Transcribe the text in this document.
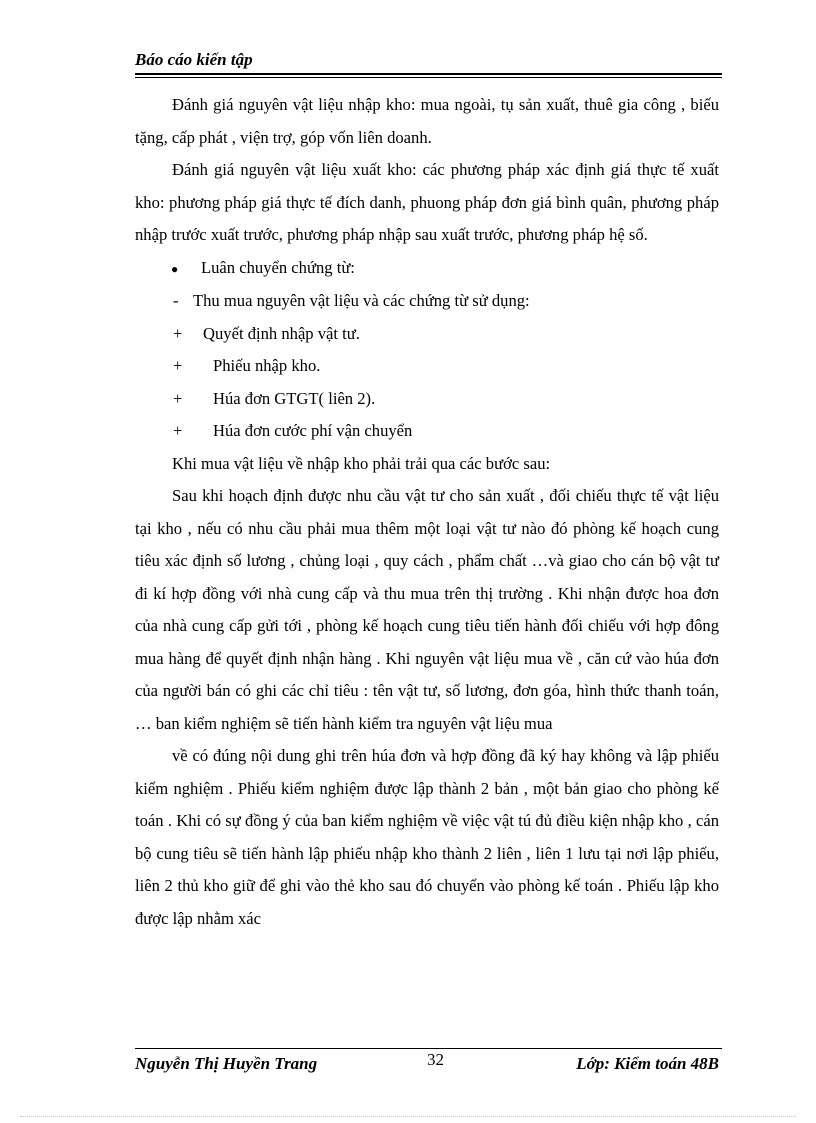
Báo cáo kiến tập

Đánh giá nguyên vật liệu nhập kho: mua ngoài, tụ sản xuất, thuê gia công , biếu tặng, cấp phát , viện trợ, góp vốn liên doanh.

Đánh giá nguyên vật liệu xuất kho: các phương pháp xác định giá thực tế xuất kho: phương pháp giá thực tế đích danh, phuong pháp đơn giá bình quân, phương pháp nhập trước xuất trước, phương pháp nhập sau xuất trước, phương pháp hệ số.

●	Luân chuyển chứng từ:
- Thu mua nguyên vật liệu và các chứng từ sử dụng:
+	Quyết định nhập vật tư.
+	Phiếu nhập kho.
+	Húa đơn GTGT( liên 2).
+	Húa đơn cước phí vận chuyển

Khi mua vật liệu về nhập kho phải trải qua các bước sau:

Sau khi hoạch định được nhu cầu vật tư cho sản xuất , đối chiếu thực tế vật liệu tại kho , nếu có nhu cầu phải mua thêm một loại vật tư nào đó phòng kế hoạch cung tiêu xác định số lương , chủng loại , quy cách , phẩm chất …và giao cho cán bộ vật tư đi kí hợp đồng với nhà cung cấp và thu mua trên thị trường . Khi nhận được hoa đơn của nhà cung cấp gửi tới , phòng kế hoạch cung tiêu tiến hành đối chiếu với hợp đông mua hàng để quyết định nhận hàng . Khi nguyên vật liệu mua về , căn cứ vào húa đơn của người bán có ghi các chỉ tiêu : tên vật tư, số lương, đơn góa, hình thức thanh toán, … ban kiểm nghiệm sẽ tiến hành kiểm tra nguyên vật liệu mua

về có đúng nội dung ghi trên húa đơn và hợp đồng đã ký hay không và lập phiếu kiểm nghiệm . Phiếu kiểm nghiệm được lập thành 2 bản , một bản giao cho phòng kế toán . Khi có sự đồng ý của ban kiểm nghiệm về việc vật tú đủ điều kiện nhập kho , cán bộ cung tiêu sẽ tiến hành lập phiếu nhập kho thành 2 liên , liên 1 lưu tại nơi lập phiếu, liên 2 thủ kho giữ để ghi vào thẻ kho sau đó chuyển vào phòng kế toán . Phiếu lập kho được lập nhằm xác

Nguyễn Thị Huyền Trang	32	Lớp: Kiểm toán 48B
